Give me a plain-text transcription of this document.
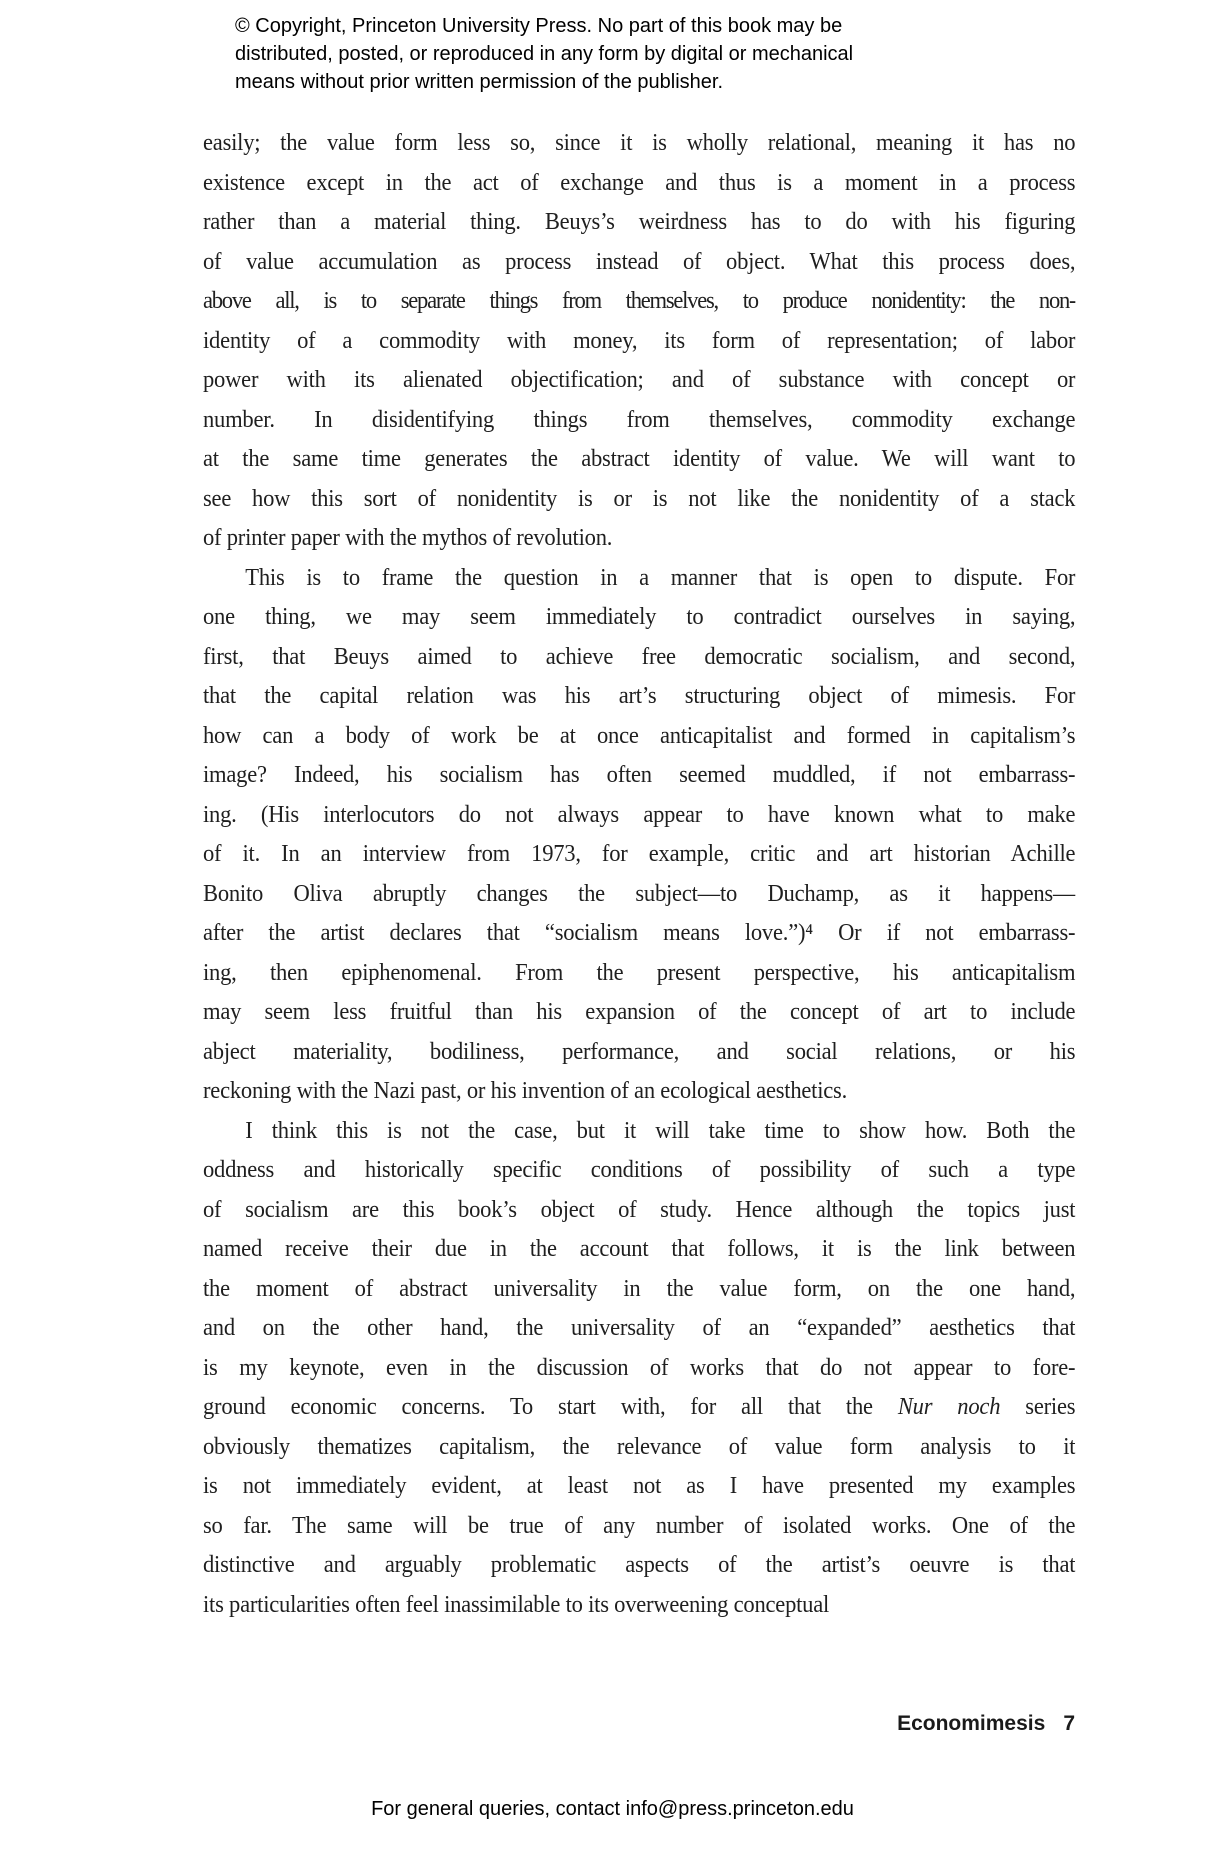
© Copyright, Princeton University Press. No part of this book may be
distributed, posted, or reproduced in any form by digital or mechanical
means without prior written permission of the publisher.
easily; the value form less so, since it is wholly relational, meaning it has no
existence except in the act of exchange and thus is a moment in a process
rather than a material thing. Beuys’s weirdness has to do with his figuring
of value accumulation as process instead of object. What this process does,
above all, is to separate things from themselves, to produce nonidentity: the non-
identity of a commodity with money, its form of representation; of labor
power with its alienated objectification; and of substance with concept or
number. In disidentifying things from themselves, commodity exchange
at the same time generates the abstract identity of value. We will want to
see how this sort of nonidentity is or is not like the nonidentity of a stack
of printer paper with the mythos of revolution.
This is to frame the question in a manner that is open to dispute. For
one thing, we may seem immediately to contradict ourselves in saying,
first, that Beuys aimed to achieve free democratic socialism, and second,
that the capital relation was his art’s structuring object of mimesis. For
how can a body of work be at once anticapitalist and formed in capitalism’s
image? Indeed, his socialism has often seemed muddled, if not embarrass-
ing. (His interlocutors do not always appear to have known what to make
of it. In an interview from 1973, for example, critic and art historian Achille
Bonito Oliva abruptly changes the subject—to Duchamp, as it happens—
after the artist declares that “socialism means love.”)⁴ Or if not embarrass-
ing, then epiphenomenal. From the present perspective, his anticapitalism
may seem less fruitful than his expansion of the concept of art to include
abject materiality, bodiliness, performance, and social relations, or his
reckoning with the Nazi past, or his invention of an ecological aesthetics.
I think this is not the case, but it will take time to show how. Both the
oddness and historically specific conditions of possibility of such a type
of socialism are this book’s object of study. Hence although the topics just
named receive their due in the account that follows, it is the link between
the moment of abstract universality in the value form, on the one hand,
and on the other hand, the universality of an “expanded” aesthetics that
is my keynote, even in the discussion of works that do not appear to fore-
ground economic concerns. To start with, for all that the Nur noch series
obviously thematizes capitalism, the relevance of value form analysis to it
is not immediately evident, at least not as I have presented my examples
so far. The same will be true of any number of isolated works. One of the
distinctive and arguably problematic aspects of the artist’s oeuvre is that
its particularities often feel inassimilable to its overweening conceptual
Economimesis 7
For general queries, contact info@press.princeton.edu
